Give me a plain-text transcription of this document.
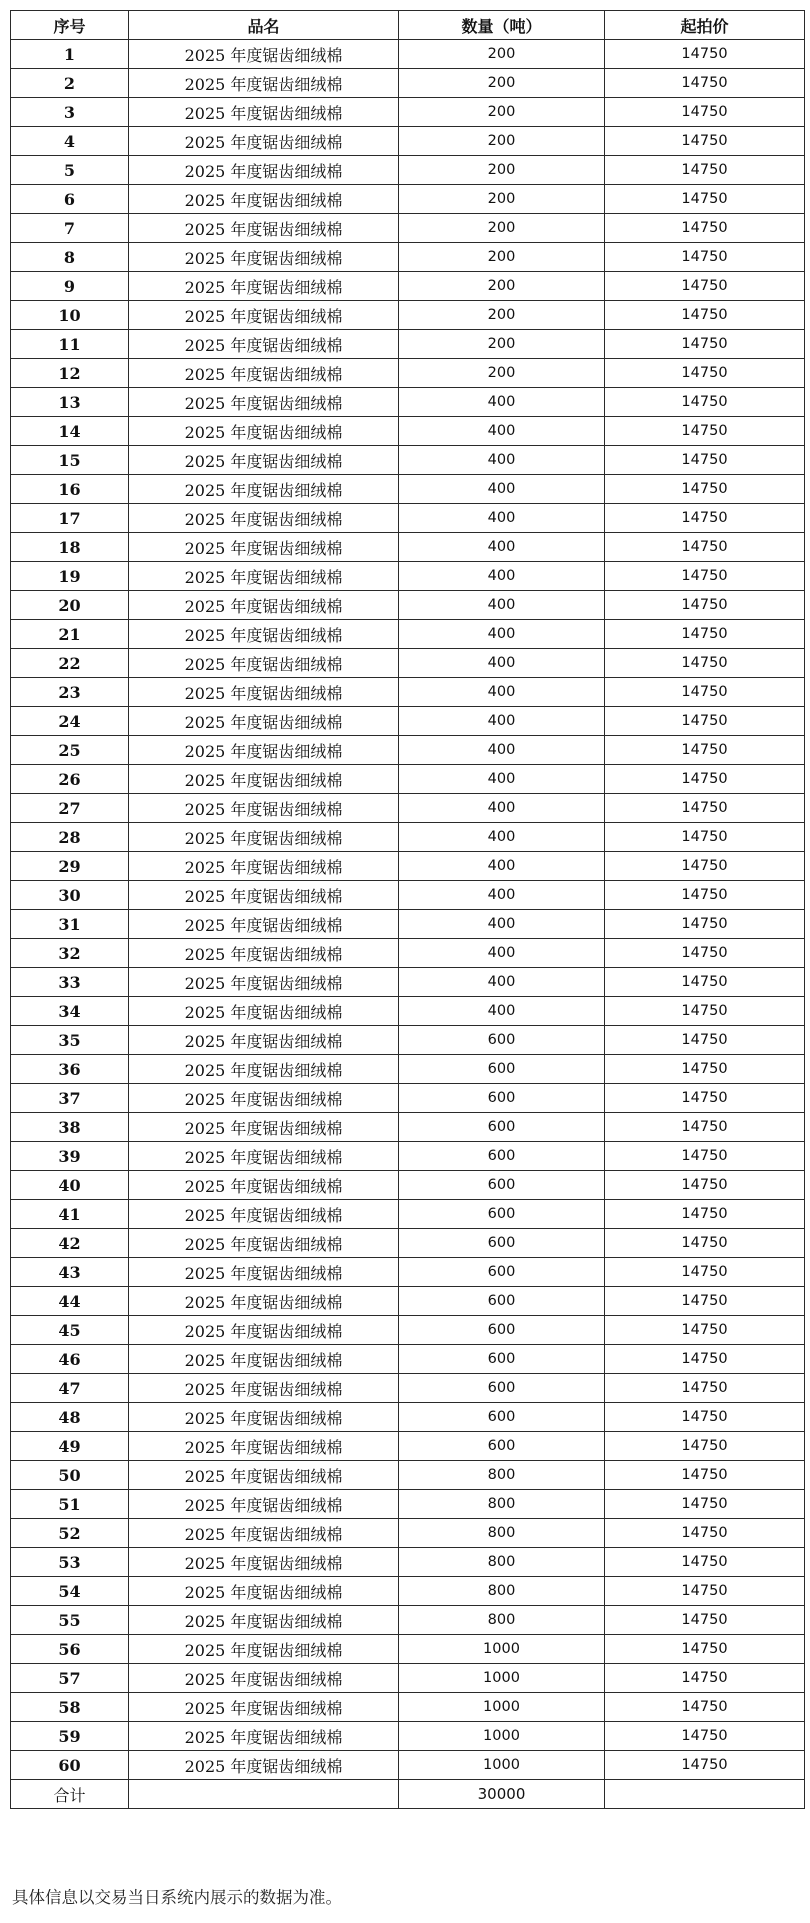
序号	品名	数量（吨）	起拍价
1	2025 年度锯齿细绒棉	200	14750
2	2025 年度锯齿细绒棉	200	14750
3	2025 年度锯齿细绒棉	200	14750
4	2025 年度锯齿细绒棉	200	14750
5	2025 年度锯齿细绒棉	200	14750
6	2025 年度锯齿细绒棉	200	14750
7	2025 年度锯齿细绒棉	200	14750
8	2025 年度锯齿细绒棉	200	14750
9	2025 年度锯齿细绒棉	200	14750
10	2025 年度锯齿细绒棉	200	14750
11	2025 年度锯齿细绒棉	200	14750
12	2025 年度锯齿细绒棉	200	14750
13	2025 年度锯齿细绒棉	400	14750
14	2025 年度锯齿细绒棉	400	14750
15	2025 年度锯齿细绒棉	400	14750
16	2025 年度锯齿细绒棉	400	14750
17	2025 年度锯齿细绒棉	400	14750
18	2025 年度锯齿细绒棉	400	14750
19	2025 年度锯齿细绒棉	400	14750
20	2025 年度锯齿细绒棉	400	14750
21	2025 年度锯齿细绒棉	400	14750
22	2025 年度锯齿细绒棉	400	14750
23	2025 年度锯齿细绒棉	400	14750
24	2025 年度锯齿细绒棉	400	14750
25	2025 年度锯齿细绒棉	400	14750
26	2025 年度锯齿细绒棉	400	14750
27	2025 年度锯齿细绒棉	400	14750
28	2025 年度锯齿细绒棉	400	14750
29	2025 年度锯齿细绒棉	400	14750
30	2025 年度锯齿细绒棉	400	14750
31	2025 年度锯齿细绒棉	400	14750
32	2025 年度锯齿细绒棉	400	14750
33	2025 年度锯齿细绒棉	400	14750
34	2025 年度锯齿细绒棉	400	14750
35	2025 年度锯齿细绒棉	600	14750
36	2025 年度锯齿细绒棉	600	14750
37	2025 年度锯齿细绒棉	600	14750
38	2025 年度锯齿细绒棉	600	14750
39	2025 年度锯齿细绒棉	600	14750
40	2025 年度锯齿细绒棉	600	14750
41	2025 年度锯齿细绒棉	600	14750
42	2025 年度锯齿细绒棉	600	14750
43	2025 年度锯齿细绒棉	600	14750
44	2025 年度锯齿细绒棉	600	14750
45	2025 年度锯齿细绒棉	600	14750
46	2025 年度锯齿细绒棉	600	14750
47	2025 年度锯齿细绒棉	600	14750
48	2025 年度锯齿细绒棉	600	14750
49	2025 年度锯齿细绒棉	600	14750
50	2025 年度锯齿细绒棉	800	14750
51	2025 年度锯齿细绒棉	800	14750
52	2025 年度锯齿细绒棉	800	14750
53	2025 年度锯齿细绒棉	800	14750
54	2025 年度锯齿细绒棉	800	14750
55	2025 年度锯齿细绒棉	800	14750
56	2025 年度锯齿细绒棉	1000	14750
57	2025 年度锯齿细绒棉	1000	14750
58	2025 年度锯齿细绒棉	1000	14750
59	2025 年度锯齿细绒棉	1000	14750
60	2025 年度锯齿细绒棉	1000	14750
合计		30000	
具体信息以交易当日系统内展示的数据为准。
